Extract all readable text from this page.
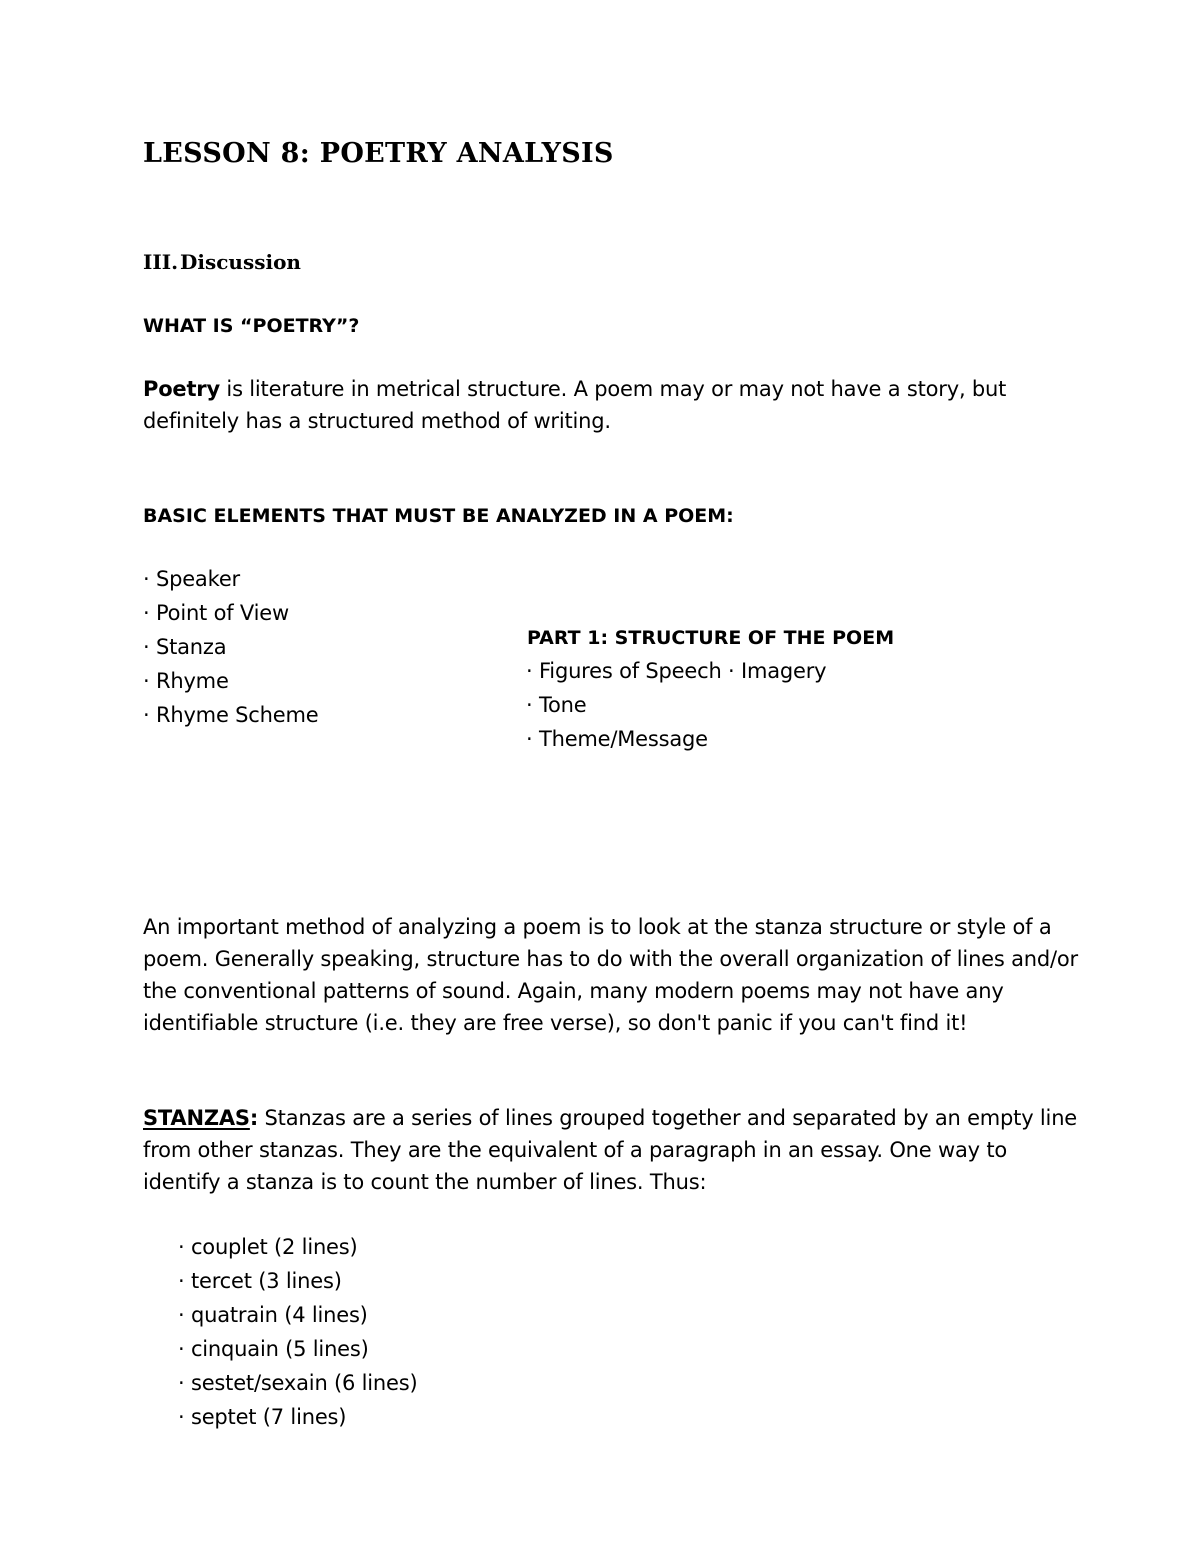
LESSON 8: POETRY ANALYSIS
III. Discussion
WHAT IS “POETRY”?
Poetry is literature in metrical structure. A poem may or may not have a story, but definitely has a structured method of writing.
BASIC ELEMENTS THAT MUST BE ANALYZED IN A POEM:
· Speaker
· Point of View
· Stanza
· Rhyme
· Rhyme Scheme
PART 1: STRUCTURE OF THE POEM
· Figures of Speech · Imagery
· Tone
· Theme/Message
An important method of analyzing a poem is to look at the stanza structure or style of a poem. Generally speaking, structure has to do with the overall organization of lines and/or the conventional patterns of sound. Again, many modern poems may not have any identifiable structure (i.e. they are free verse), so don't panic if you can't find it!
STANZAS: Stanzas are a series of lines grouped together and separated by an empty line from other stanzas. They are the equivalent of a paragraph in an essay. One way to identify a stanza is to count the number of lines. Thus:
· couplet (2 lines)
· tercet (3 lines)
· quatrain (4 lines)
· cinquain (5 lines)
· sestet/sexain (6 lines)
· septet (7 lines)
